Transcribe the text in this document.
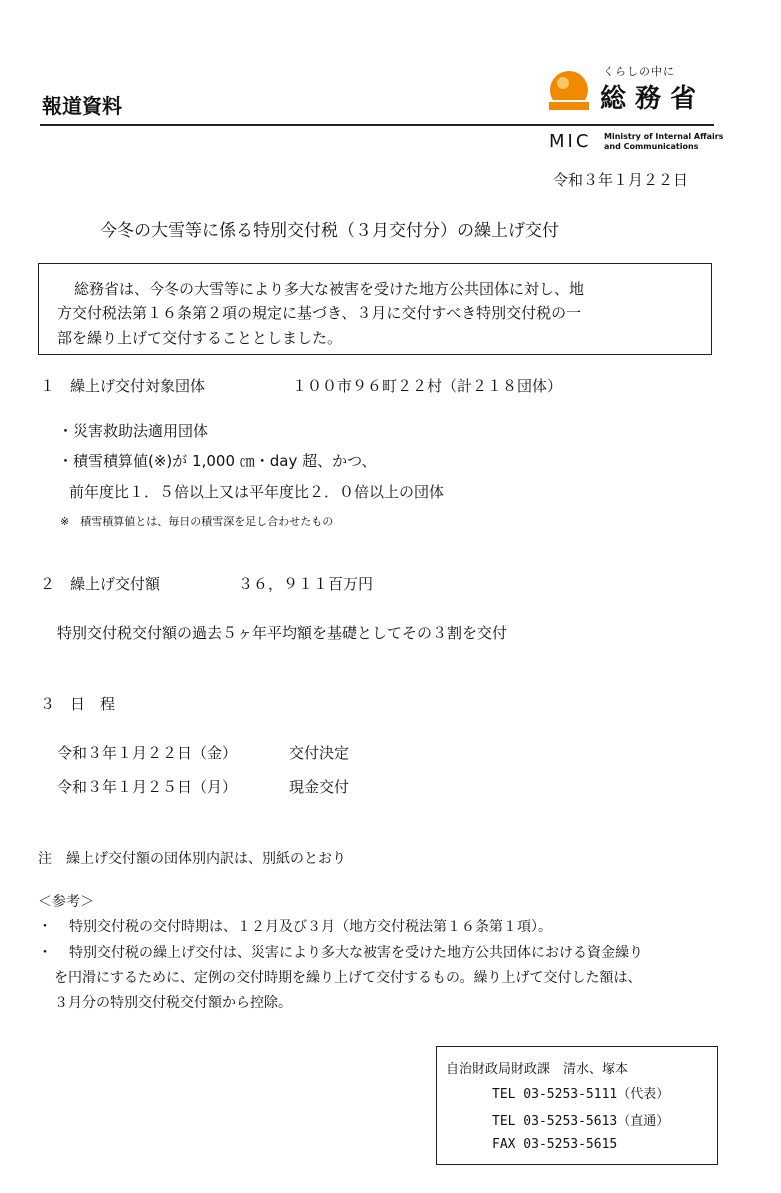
報道資料
くらしの中に
総 務 省
MIC Ministry of Internal Affairs
and Communications
令和３年１月２２日
今冬の大雪等に係る特別交付税（３月交付分）の繰上げ交付
総務省は、今冬の大雪等により多大な被害を受けた地方公共団体に対し、地
方交付税法第１６条第２項の規定に基づき、３月に交付すべき特別交付税の一
部を繰り上げて交付することとしました。
１　繰上げ交付対象団体	１００市９６町２２村（計２１８団体）
・災害救助法適用団体
・積雪積算値(※)が 1,000 ㎝・day 超、かつ、
前年度比１．５倍以上又は平年度比２．０倍以上の団体
※　積雪積算値とは、毎日の積雪深を足し合わせたもの
２　繰上げ交付額	３６，９１１百万円
特別交付税交付額の過去５ヶ年平均額を基礎としてその３割を交付
３　日　程
令和３年１月２２日（金）	交付決定
令和３年１月２５日（月）	現金交付
注　繰上げ交付額の団体別内訳は、別紙のとおり
＜参考＞
・ 特別交付税の交付時期は、１２月及び３月（地方交付税法第１６条第１項）。
・ 特別交付税の繰上げ交付は、災害により多大な被害を受けた地方公共団体における資金繰り
を円滑にするために、定例の交付時期を繰り上げて交付するもの。繰り上げて交付した額は、
３月分の特別交付税交付額から控除。
自治財政局財政課　清水、塚本
TEL 03-5253-5111（代表）
TEL 03-5253-5613（直通）
FAX 03-5253-5615
